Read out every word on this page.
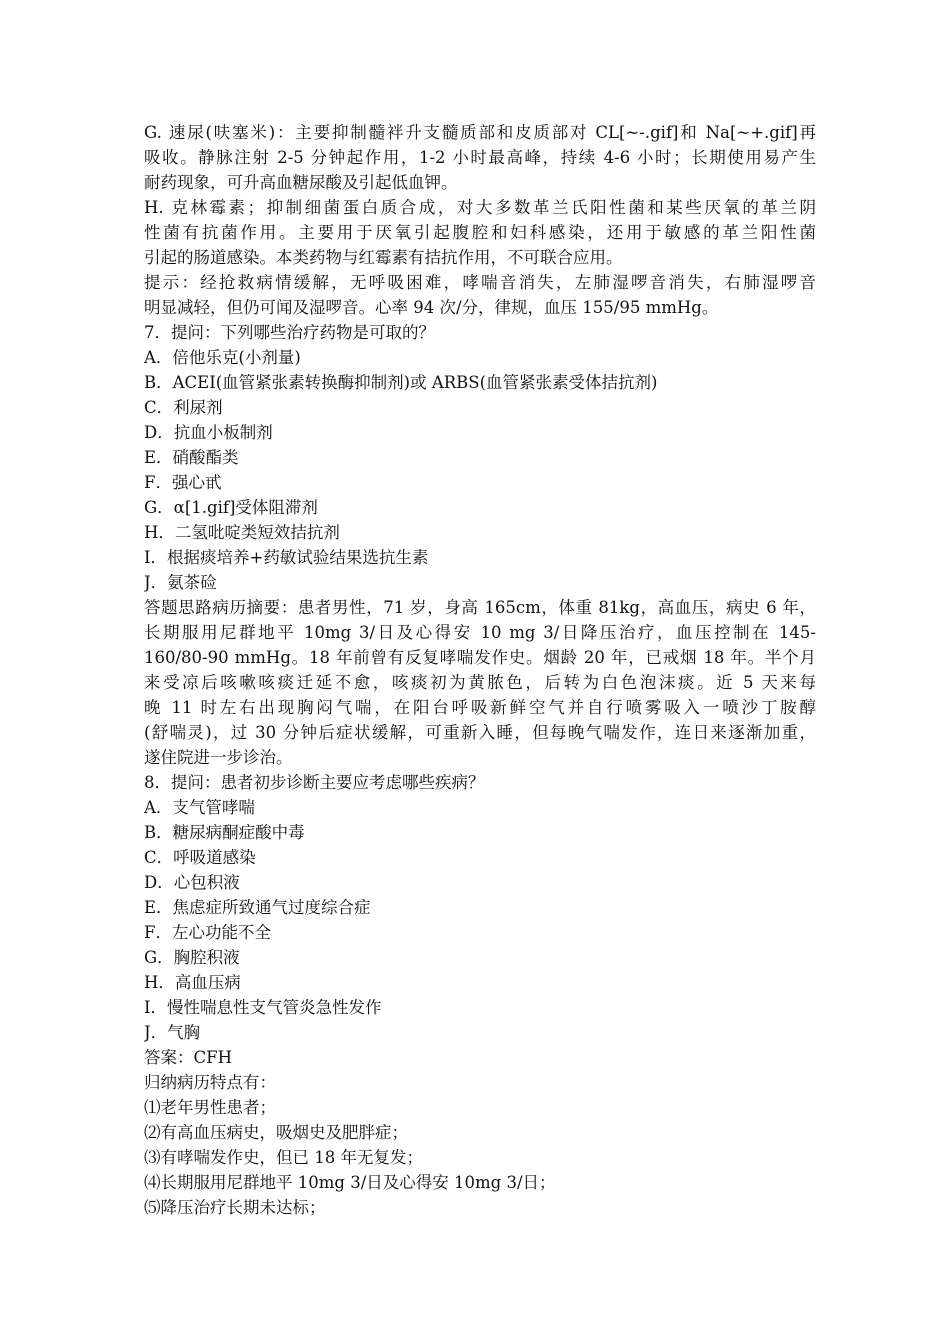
G. 速尿(呋塞米)：主要抑制髓袢升支髓质部和皮质部对 CL[~-.gif]和 Na[~+.gif]再
吸收。静脉注射 2-5 分钟起作用，1-2 小时最高峰，持续 4-6 小时；长期使用易产生
耐药现象，可升高血糖尿酸及引起低血钾。
H. 克林霉素；抑制细菌蛋白质合成，对大多数革兰氏阳性菌和某些厌氧的革兰阴
性菌有抗菌作用。主要用于厌氧引起腹腔和妇科感染，还用于敏感的革兰阳性菌
引起的肠道感染。本类药物与红霉素有拮抗作用，不可联合应用。
提示：经抢救病情缓解，无呼吸困难，哮喘音消失，左肺湿啰音消失，右肺湿啰音
明显减轻，但仍可闻及湿啰音。心率 94 次/分，律规，血压 155/95 mmHg。
7．提问：下列哪些治疗药物是可取的？
A．倍他乐克(小剂量)
B．ACEI(血管紧张素转换酶抑制剂)或 ARBS(血管紧张素受体拮抗剂)
C．利尿剂
D．抗血小板制剂
E．硝酸酯类
F．强心甙
G．α[1.gif]受体阻滞剂
H．二氢吡啶类短效拮抗剂
I．根据痰培养+药敏试验结果选抗生素
J．氨茶硷
答题思路病历摘要：患者男性，71 岁，身高 165cm，体重 81kg，高血压，病史 6 年，
长期服用尼群地平 10mg 3/日及心得安 10 mg 3/日降压治疗，血压控制在 145-
160/80-90 mmHg。18 年前曾有反复哮喘发作史。烟龄 20 年，已戒烟 18 年。半个月
来受凉后咳嗽咳痰迁延不愈，咳痰初为黄脓色，后转为白色泡沫痰。近 5 天来每
晚 11 时左右出现胸闷气喘，在阳台呼吸新鲜空气并自行喷雾吸入一喷沙丁胺醇
(舒喘灵)，过 30 分钟后症状缓解，可重新入睡，但每晚气喘发作，连日来逐渐加重，
遂住院进一步诊治。
8．提问：患者初步诊断主要应考虑哪些疾病？
A．支气管哮喘
B．糖尿病酮症酸中毒
C．呼吸道感染
D．心包积液
E．焦虑症所致通气过度综合症
F．左心功能不全
G．胸腔积液
H．高血压病
I．慢性喘息性支气管炎急性发作
J．气胸
答案：CFH
归纳病历特点有：
⑴老年男性患者；
⑵有高血压病史，吸烟史及肥胖症；
⑶有哮喘发作史，但已 18 年无复发；
⑷长期服用尼群地平 10mg 3/日及心得安 10mg 3/日；
⑸降压治疗长期未达标；
